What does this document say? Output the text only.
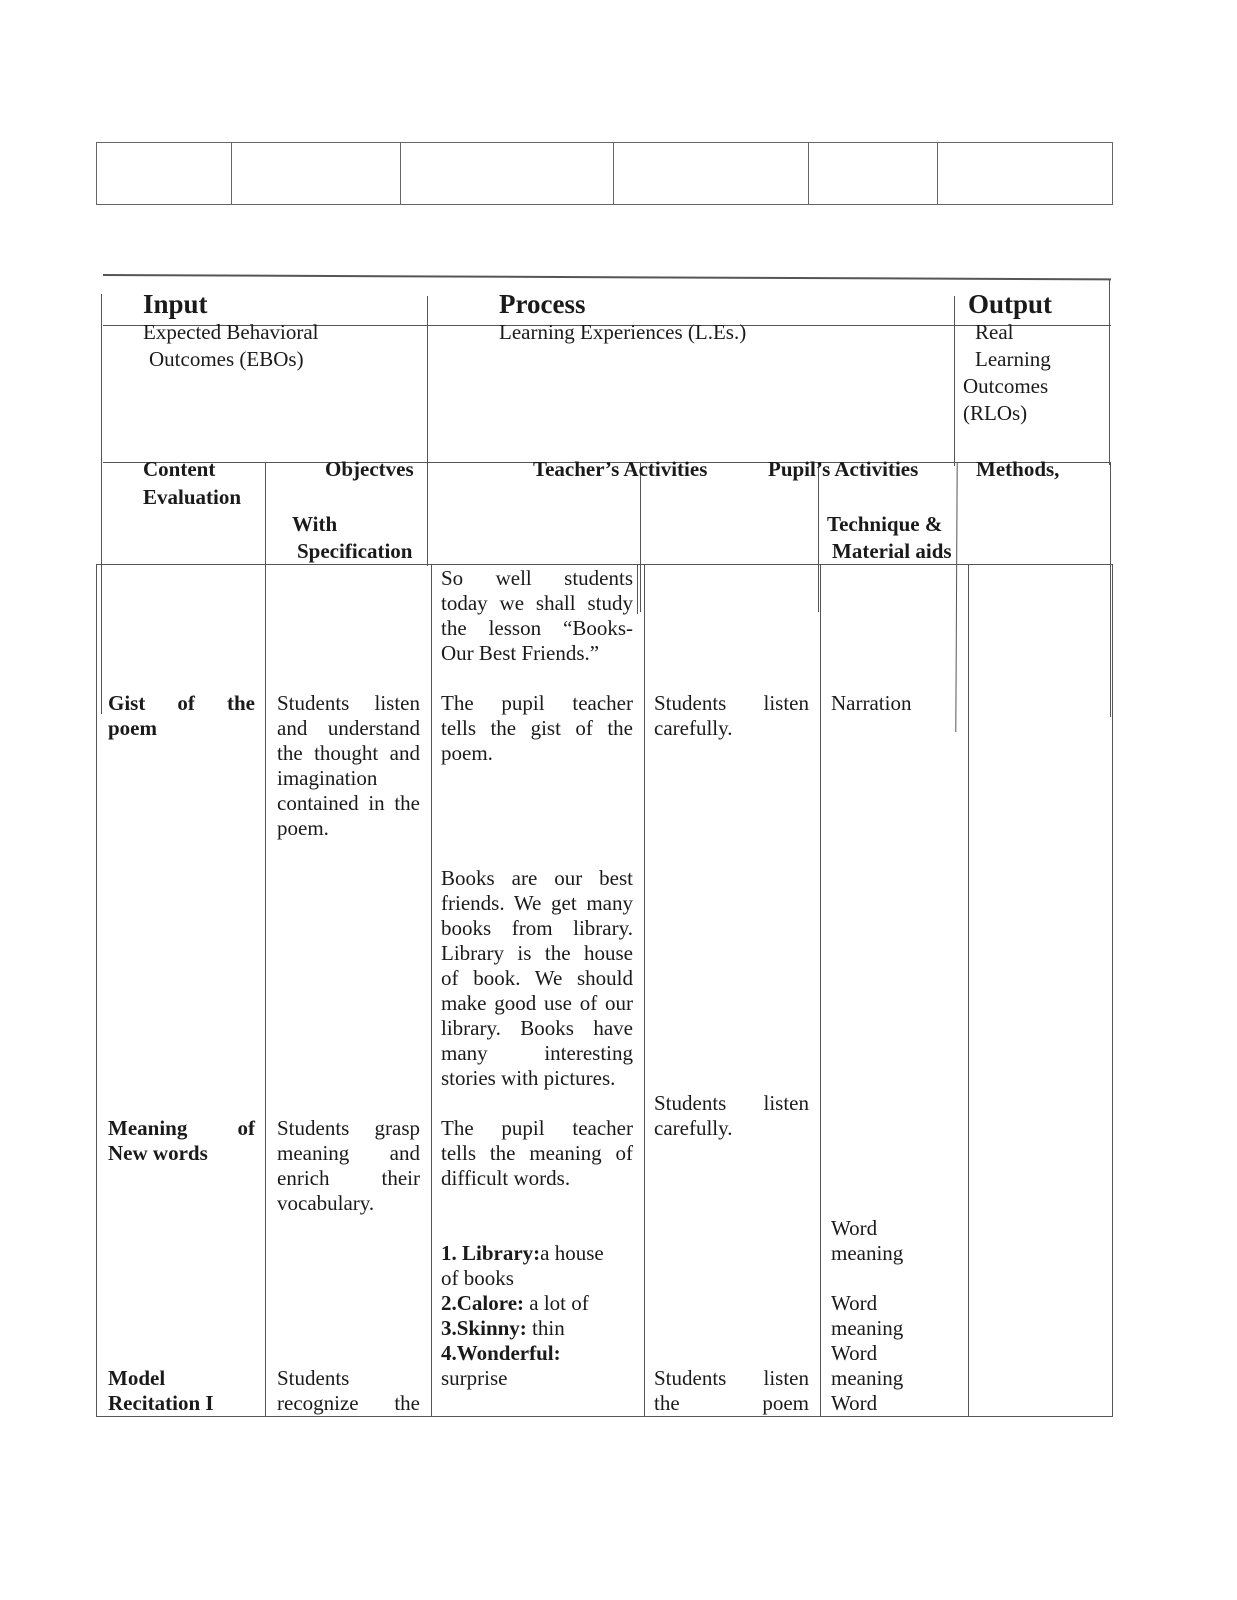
Input
Expected Behavioral
Outcomes (EBOs)
Process
Learning Experiences (L.Es.)
Output
Real
Learning
Outcomes
(RLOs)
Content
Evaluation
Objectves
With
Specification
Teacher’s Activities	Pupil’s Activities	Methods,
Technique &
Material aids
So well students
today we shall study
the lesson “Books-
Our Best Friends.”
Gist of the
poem
Students listen
and understand
the thought and
imagination
contained in the
poem.
The pupil teacher
tells the gist of the
poem.
Students listen
carefully.
Narration
Books are our best
friends. We get many
books from library.
Library is the house
of book. We should
make good use of our
library. Books have
many interesting
stories with pictures.
Students listen
carefully.
Meaning of
New words
Students grasp
meaning and
enrich their
vocabulary.
The pupil teacher
tells the meaning of
difficult words.
1. Library:a house
of books
2.Calore: a lot of
3.Skinny: thin
4.Wonderful:
surprise
Word
meaning
Word
meaning
Word
meaning
Word
Model
Recitation I
Students
recognize the
Students listen
the poem
